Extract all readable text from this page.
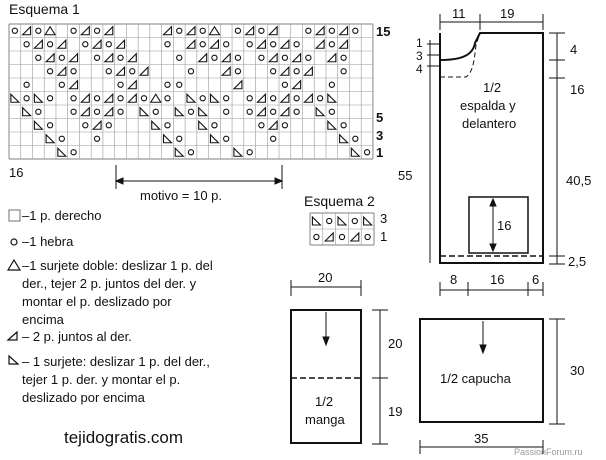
Esquema 1
15
5
3
1
16
motivo = 10 p.	Esquema 2
3
1
–1 p. derecho
–1 hebra
–1 surjete doble: deslizar 1 p. del
der., tejer 2 p. juntos del der. y
montar el p. deslizado por
encima
– 2 p. juntos al der.
– 1 surjete: deslizar 1 p. del der.,
tejer 1 p. der. y montar el p.
deslizado por encima
tejidogratis.com
PassionForum.ru
1/2
espalda y
delantero
11	19
1
3
4
4
16
40,5
2,5
55
8	16 6
16
20
20
19
1/2
manga
1/2 capucha
30
35
